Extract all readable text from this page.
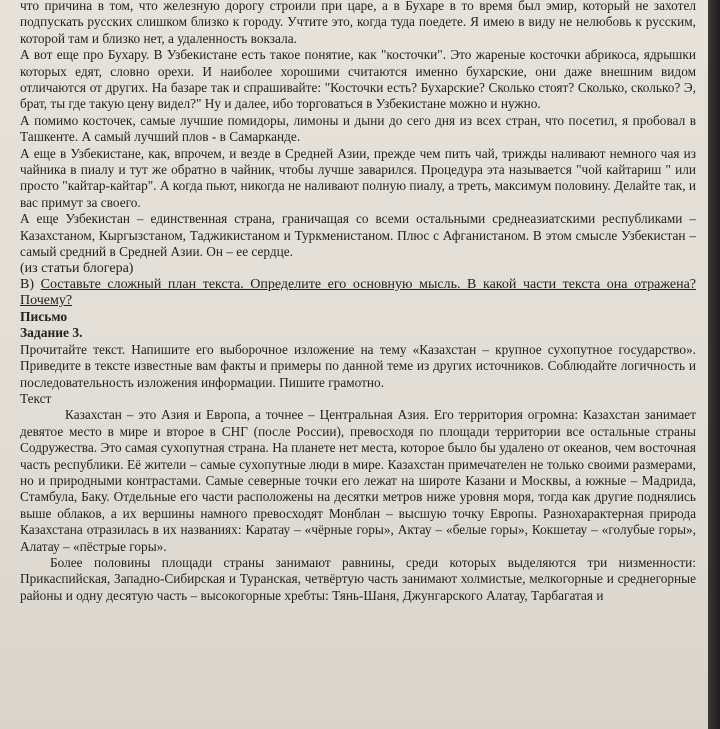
что причина в том, что железную дорогу строили при царе, а в Бухаре в то время был эмир, который не захотел подпускать русских слишком близко к городу. Учтите это, когда туда поедете. Я имею в виду не нелюбовь к русским, которой там и близко нет, а удаленность вокзала.

А вот еще про Бухару. В Узбекистане есть такое понятие, как "косточки". Это жареные косточки абрикоса, ядрышки которых едят, словно орехи. И наиболее хорошими считаются именно бухарские, они даже внешним видом отличаются от других. На базаре так и спрашивайте: "Косточки есть? Бухарские? Сколько стоят? Сколько, сколько? Э, брат, ты где такую цену видел?" Ну и далее, ибо торговаться в Узбекистане можно и нужно.

А помимо косточек, самые лучшие помидоры, лимоны и дыни до сего дня из всех стран, что посетил, я пробовал в Ташкенте. А самый лучший плов - в Самарканде.

А еще в Узбекистане, как, впрочем, и везде в Средней Азии, прежде чем пить чай, трижды наливают немного чая из чайника в пиалу и тут же обратно в чайник, чтобы лучше заварился. Процедура эта называется "чой кайтариш " или просто "кайтар-кайтар". А когда пьют, никогда не наливают полную пиалу, а треть, максимум половину. Делайте так, и вас примут за своего.

А еще Узбекистан – единственная страна, граничащая со всеми остальными среднеазиатскими республиками – Казахстаном, Кыргызстаном, Таджикистаном и Туркменистаном. Плюс с Афганистаном. В этом смысле Узбекистан – самый средний в Средней Азии. Он – ее сердце.

(из статьи блогера)

В) Составьте сложный план текста. Определите его основную мысль. В какой части текста она отражена? Почему?

Письмо

Задание 3.

Прочитайте текст. Напишите его выборочное изложение на тему «Казахстан – крупное сухопутное государство». Приведите в тексте известные вам факты и примеры по данной теме из других источников. Соблюдайте логичность и последовательность изложения информации. Пишите грамотно.

Текст

Казахстан – это Азия и Европа, а точнее – Центральная Азия. Его территория огромна: Казахстан занимает девятое место в мире и второе в СНГ (после России), превосходя по площади территории все остальные страны Содружества. Это самая сухопутная страна. На планете нет места, которое было бы удалено от океанов, чем восточная часть республики. Её жители – самые сухопутные люди в мире. Казахстан примечателен не только своими размерами, но и природными контрастами. Самые северные точки его лежат на широте Казани и Москвы, а южные – Мадрида, Стамбула, Баку. Отдельные его части расположены на десятки метров ниже уровня моря, тогда как другие поднялись выше облаков, а их вершины намного превосходят Монблан – высшую точку Европы. Разнохарактерная природа Казахстана отразилась в их названиях: Каратау – «чёрные горы», Актау – «белые горы», Кокшетау – «голубые горы», Алатау – «пёстрые горы».

Более половины площади страны занимают равнины, среди которых выделяются три низменности: Прикаспийская, Западно-Сибирская и Туранская, четвёртую часть занимают холмистые, мелкогорные и среднегорные районы и одну десятую часть – высокогорные хребты: Тянь-Шаня, Джунгарского Алатау, Тарбагатая и
